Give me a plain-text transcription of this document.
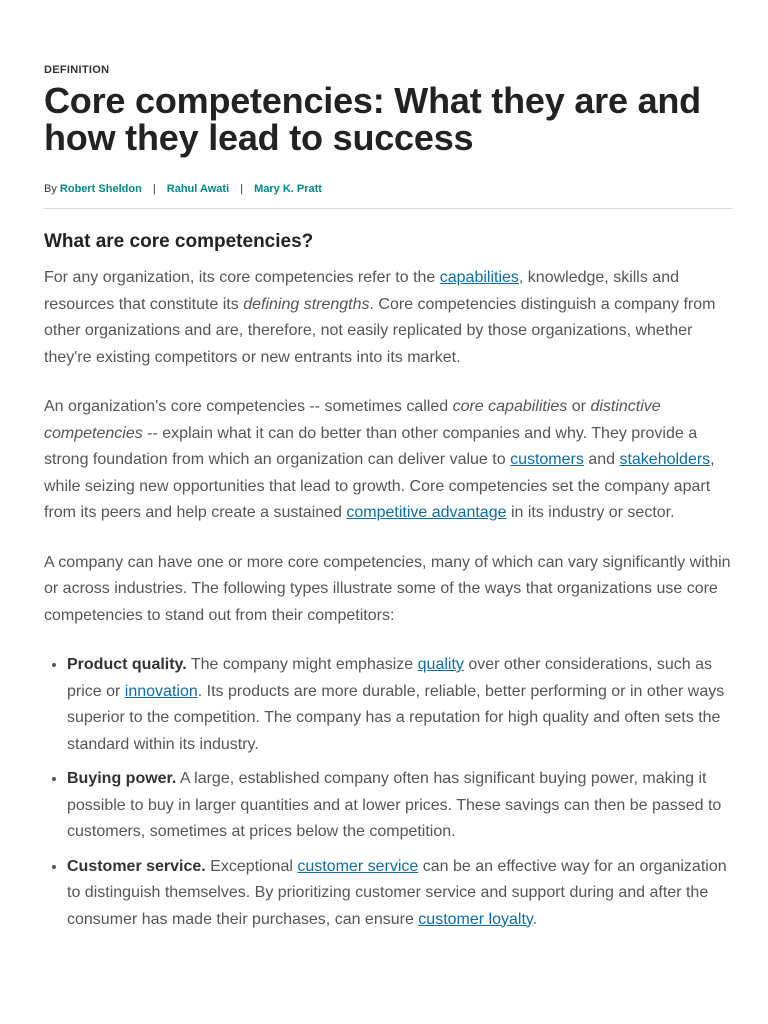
DEFINITION
Core competencies: What they are and how they lead to success
By Robert Sheldon | Rahul Awati | Mary K. Pratt
What are core competencies?

For any organization, its core competencies refer to the capabilities, knowledge, skills and resources that constitute its defining strengths. Core competencies distinguish a company from other organizations and are, therefore, not easily replicated by those organizations, whether they're existing competitors or new entrants into its market.

An organization's core competencies -- sometimes called core capabilities or distinctive competencies -- explain what it can do better than other companies and why. They provide a strong foundation from which an organization can deliver value to customers and stakeholders, while seizing new opportunities that lead to growth. Core competencies set the company apart from its peers and help create a sustained competitive advantage in its industry or sector.

A company can have one or more core competencies, many of which can vary significantly within or across industries. The following types illustrate some of the ways that organizations use core competencies to stand out from their competitors:

• Product quality. The company might emphasize quality over other considerations, such as price or innovation. Its products are more durable, reliable, better performing or in other ways superior to the competition. The company has a reputation for high quality and often sets the standard within its industry.
• Buying power. A large, established company often has significant buying power, making it possible to buy in larger quantities and at lower prices. These savings can then be passed to customers, sometimes at prices below the competition.
• Customer service. Exceptional customer service can be an effective way for an organization to distinguish themselves. By prioritizing customer service and support during and after the consumer has made their purchases, can ensure customer loyalty.
